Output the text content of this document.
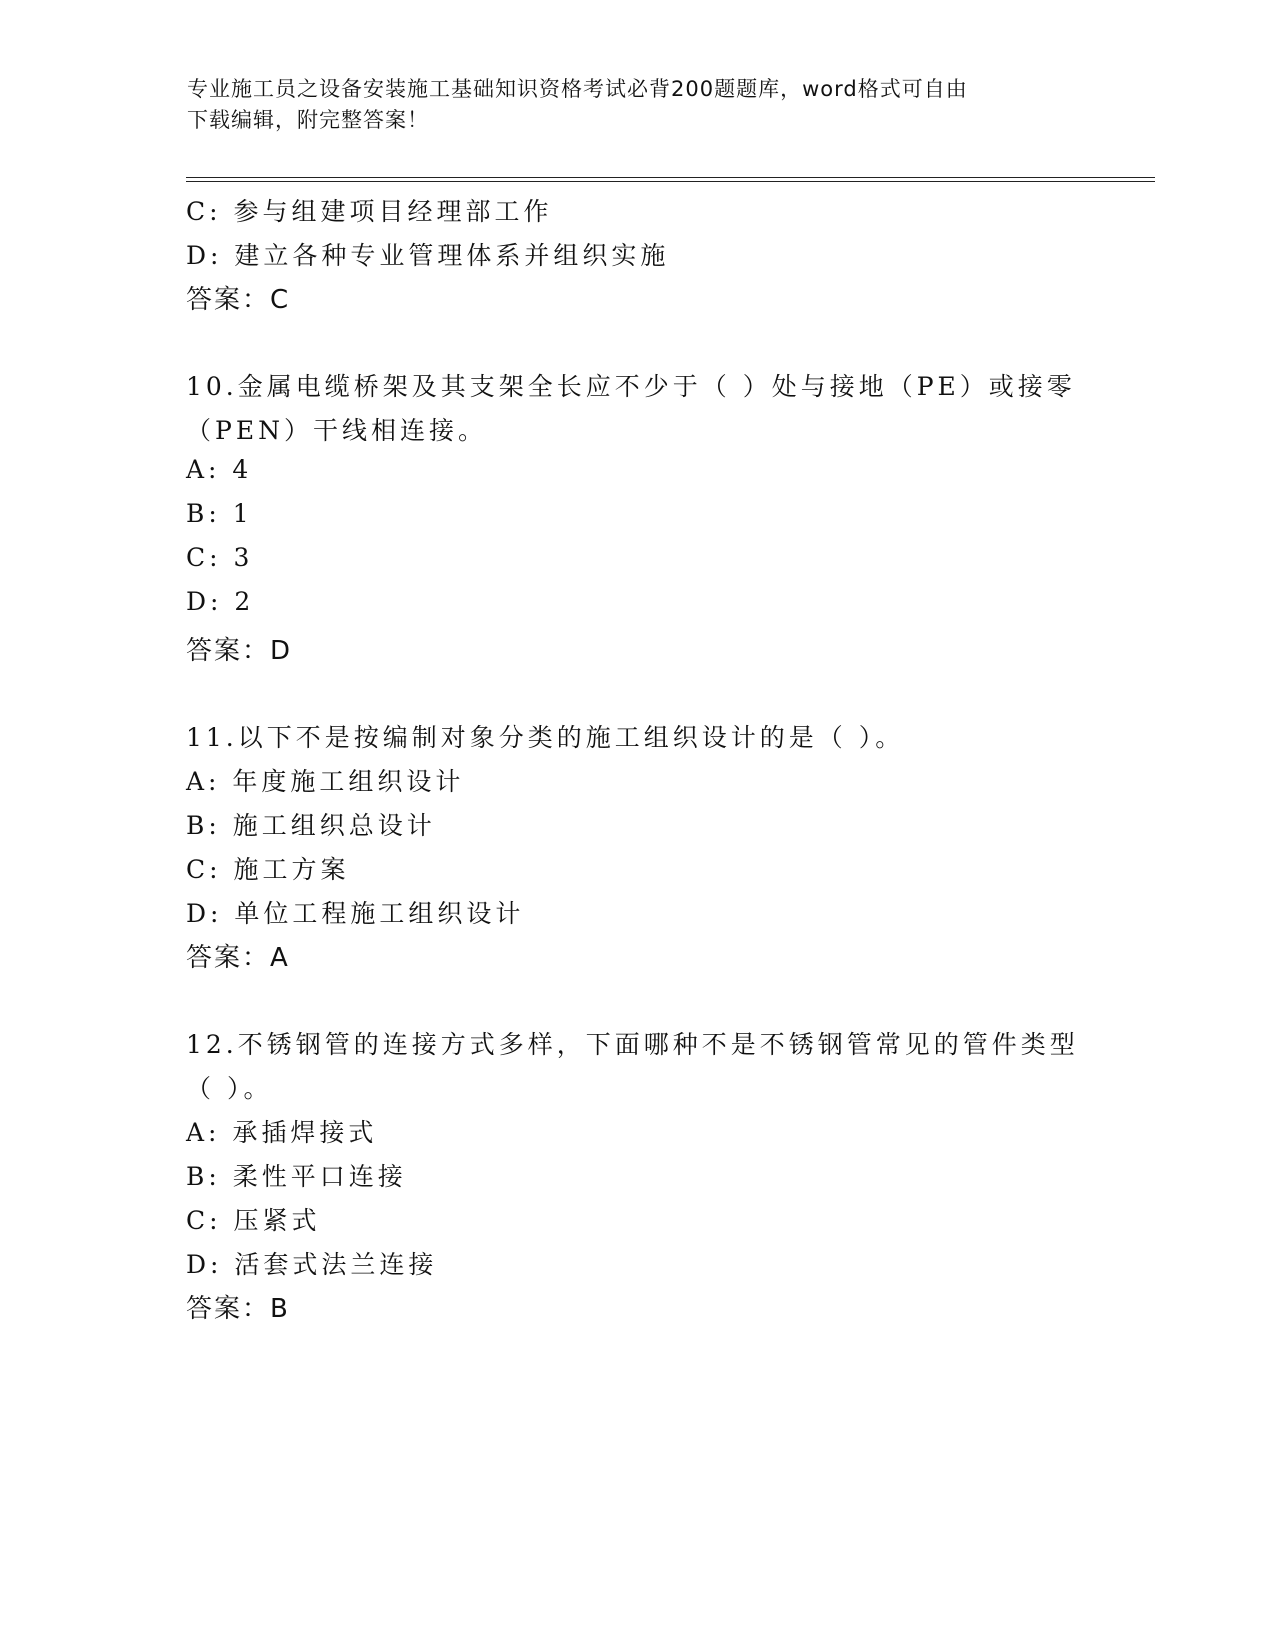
专业施工员之设备安装施工基础知识资格考试必背200题题库，word格式可自由
下载编辑，附完整答案！
C: 参与组建项目经理部工作
D: 建立各种专业管理体系并组织实施
答案：C
10.金属电缆桥架及其支架全长应不少于（ ）处与接地（PE）或接零
（PEN）干线相连接。
A: 4
B: 1
C: 3
D: 2
答案：D
11.以下不是按编制对象分类的施工组织设计的是（ ）。
A: 年度施工组织设计
B: 施工组织总设计
C: 施工方案
D: 单位工程施工组织设计
答案：A
12.不锈钢管的连接方式多样，下面哪种不是不锈钢管常见的管件类型
（ ）。
A: 承插焊接式
B: 柔性平口连接
C: 压紧式
D: 活套式法兰连接
答案：B
